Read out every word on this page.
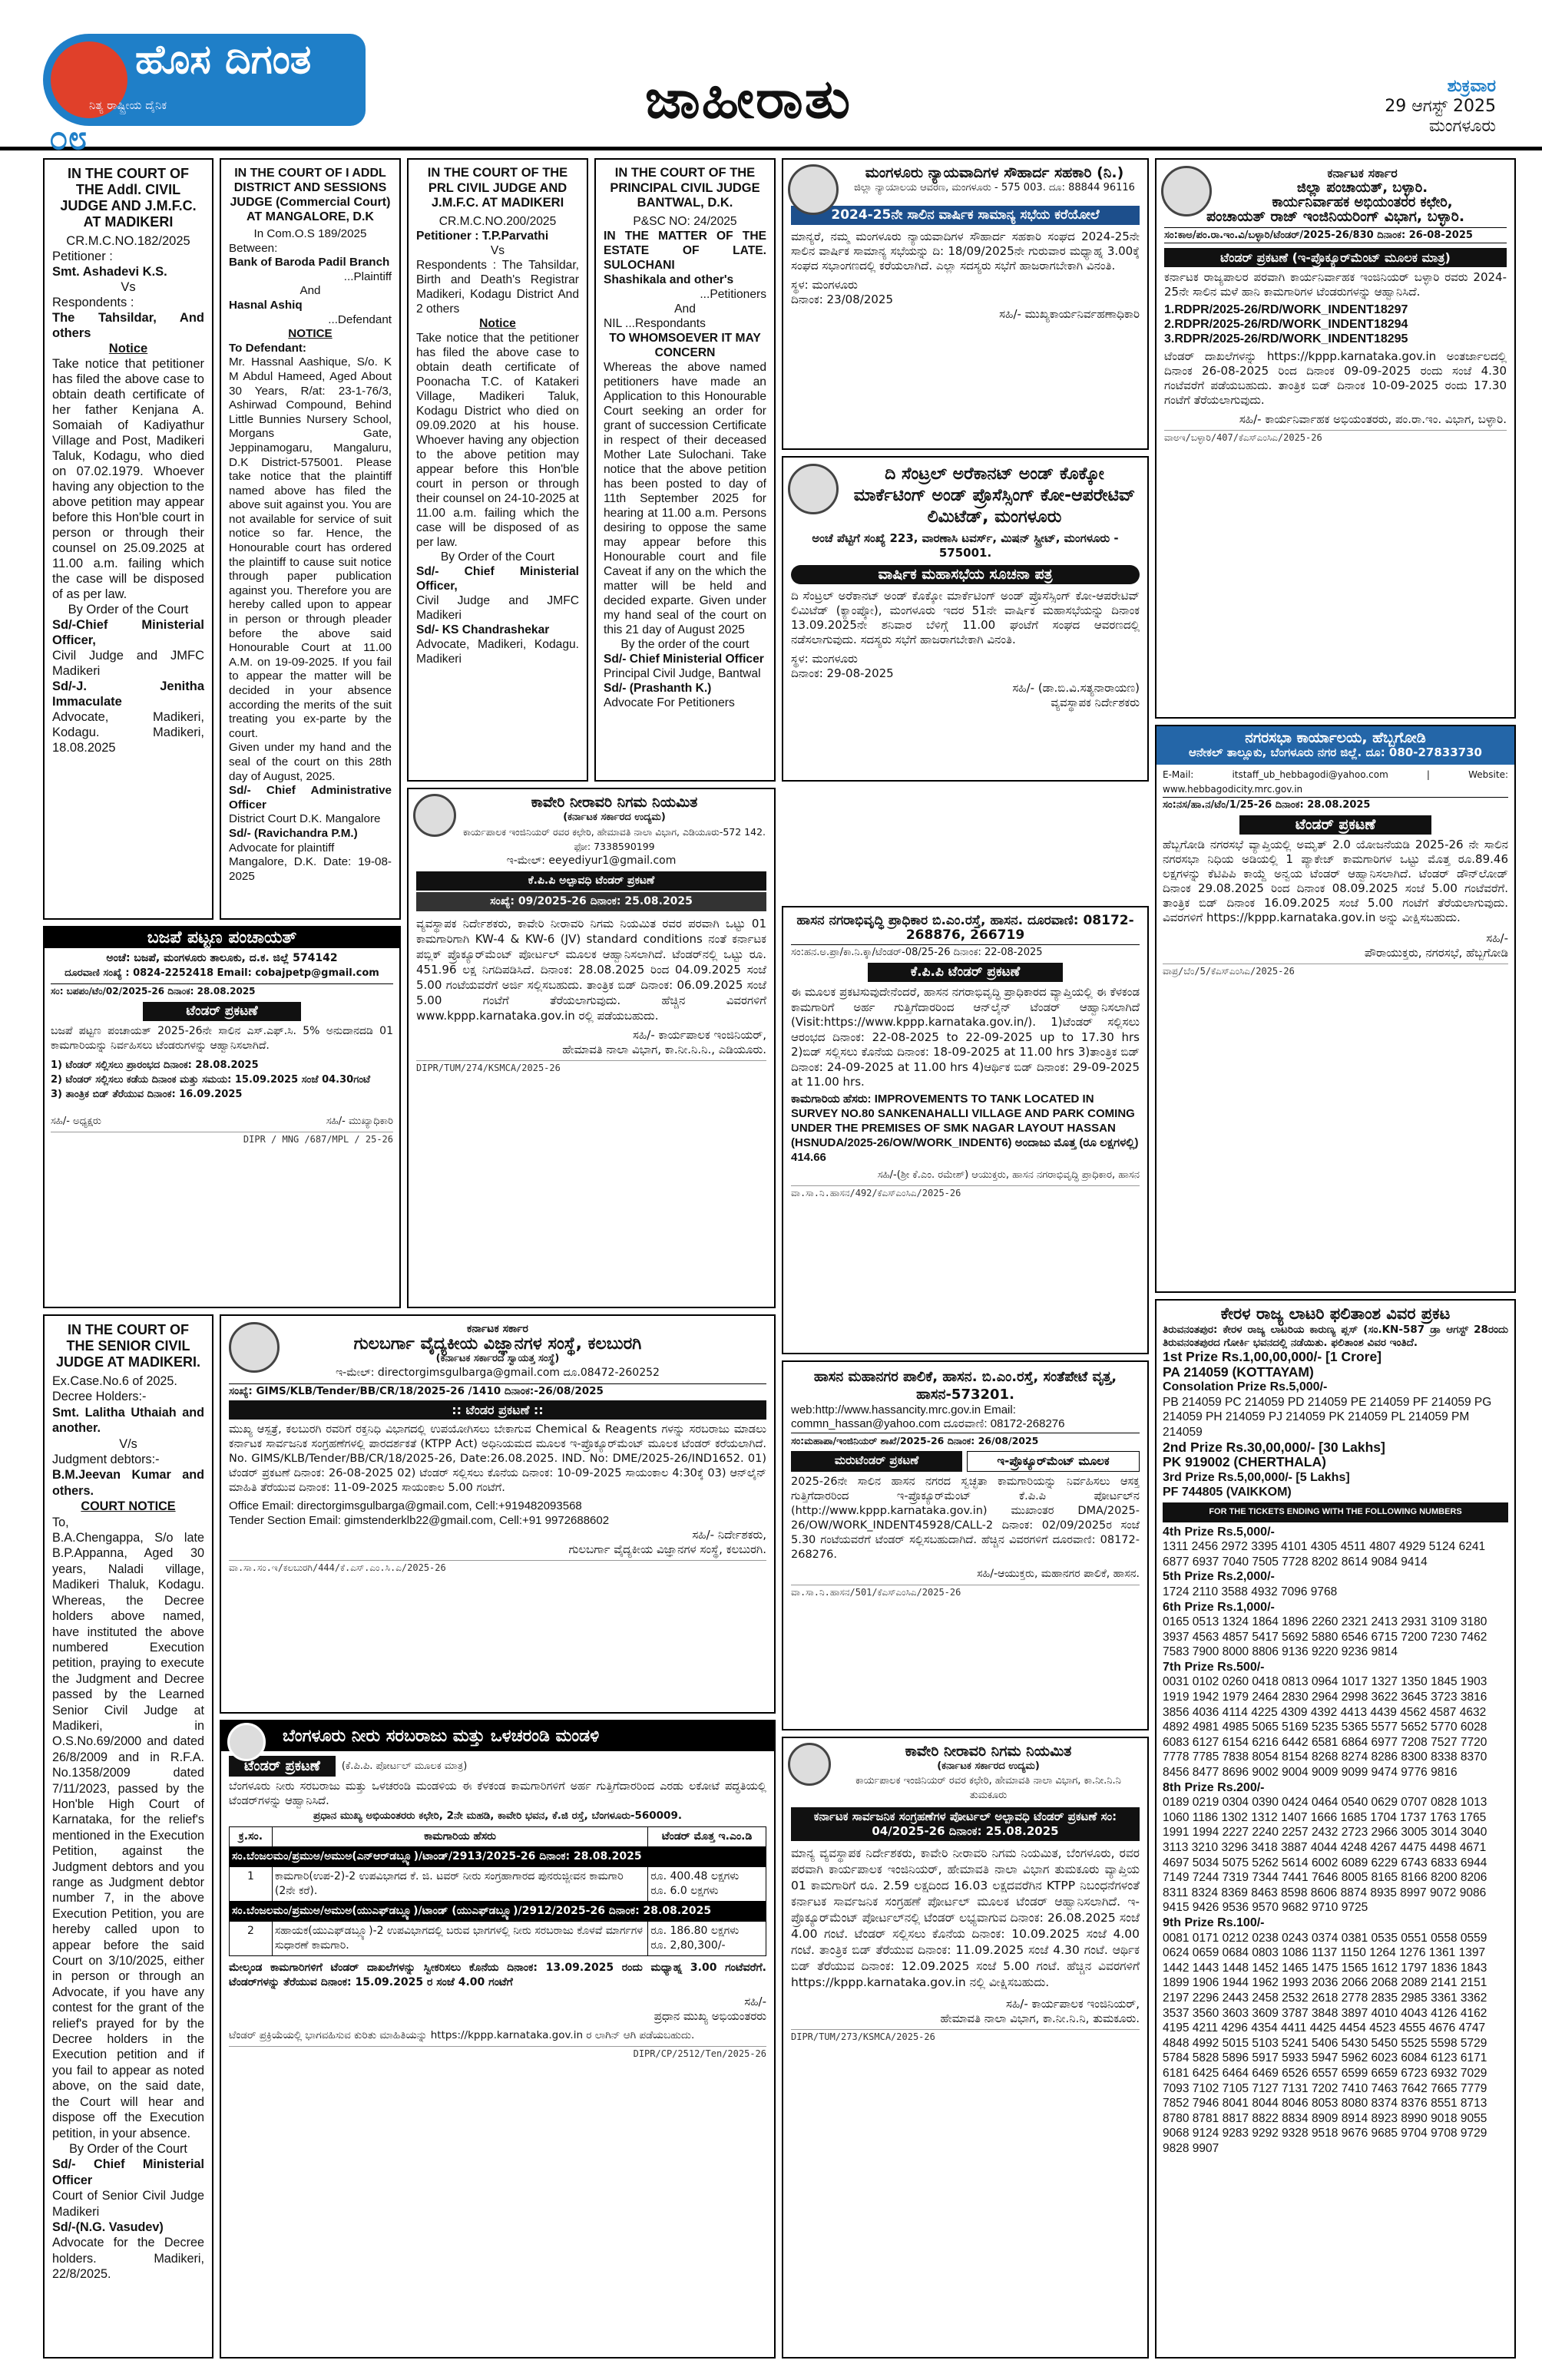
ಹೊಸ ದಿಗಂತ
ನಿತ್ಯ ರಾಷ್ಟ್ರೀಯ ದೈನಿಕ
೦೮
ಜಾಹೀರಾತು	ಶುಕ್ರವಾರ
29 ಆಗಸ್ಟ್ 2025
ಮಂಗಳೂರು
IN THE COURT OF THE Addl. CIVIL JUDGE AND J.M.F.C. AT MADIKERI
CR.M.C.NO.182/2025
Petitioner :
Smt. Ashadevi K.S.
Vs
Respondents :
The Tahsildar, And others
Notice
Take notice that petitioner has filed the above case to obtain death certificate of her father Kenjana A. Somaiah of Kadiyathur Village and Post, Madikeri Taluk, Kodagu, who died on 07.02.1979. Whoever having any objection to the above petition may appear before this Hon'ble court in person or through their counsel on 25.09.2025 at 11.00 a.m. failing which the case will be disposed of as per law.
By Order of the Court
Sd/-Chief Ministerial Officer,
Civil Judge and JMFC Madikeri
Sd/-J. Jenitha Immaculate
Advocate, Madikeri, Kodagu. Madikeri, 18.08.2025
IN THE COURT OF I ADDL DISTRICT AND SESSIONS JUDGE (Commercial Court) AT MANGALORE, D.K
In Com.O.S 189/2025
Between:
Bank of Baroda Padil Branch
...Plaintiff
And
Hasnal Ashiq
...Defendant
NOTICE
To Defendant:
Mr. Hassnal Aashique, S/o. K M Abdul Hameed, Aged About 30 Years, R/at: 23-1-76/3, Ashirwad Compound, Behind Little Bunnies Nursery School, Morgans Gate, Jeppinamogaru, Mangaluru, D.K District-575001. Please take notice that the plaintiff named above has filed the above suit against you. You are not available for service of suit notice so far. Hence, the Honourable court has ordered the plaintiff to cause suit notice through paper publication against you. Therefore you are hereby called upon to appear in person or through pleader before the above said Honourable Court at 11.00 A.M. on 19-09-2025. If you fail to appear the matter will be decided in your absence according the merits of the suit treating you ex-parte by the court.
Given under my hand and the seal of the court on this 28th day of August, 2025.
Sd/- Chief Administrative Officer
District Court D.K. Mangalore
Sd/- (Ravichandra P.M.)
Advocate for plaintiff
Mangalore, D.K. Date: 19-08-2025
IN THE COURT OF THE PRL CIVIL JUDGE AND J.M.F.C. AT MADIKERI
CR.M.C.NO.200/2025
Petitioner : T.P.Parvathi
Vs
Respondents : The Tahsildar, Birth and Death's Registrar Madikeri, Kodagu District And 2 others
Notice
Take notice that the petitioner has filed the above case to obtain death certificate of Poonacha T.C. of Katakeri Village, Madikeri Taluk, Kodagu District who died on 09.09.2020 at his house. Whoever having any objection to the above petition may appear before this Hon'ble court in person or through their counsel on 24-10-2025 at 11.00 a.m. failing which the case will be disposed of as per law.
By Order of the Court
Sd/- Chief Ministerial Officer,
Civil Judge and JMFC Madikeri
Sd/- KS Chandrashekar
Advocate, Madikeri, Kodagu. Madikeri
IN THE COURT OF THE PRINCIPAL CIVIL JUDGE BANTWAL, D.K.
P&SC NO: 24/2025
IN THE MATTER OF THE ESTATE OF LATE. SULOCHANI
Shashikala and other's
...Petitioners
And
NIL ...Respondants
TO WHOMSOEVER IT MAY CONCERN
Whereas the above named petitioners have made an Application to this Honourable Court seeking an order for grant of succession Certificate in respect of their deceased Mother Late Sulochani. Take notice that the above petition has been posted to day of 11th September 2025 for hearing at 11.00 a.m. Persons desiring to oppose the same may appear before this Honourable court and file Caveat if any on the which the matter will be held and decided exparte. Given under my hand seal of the court on this 21 day of August 2025
By the order of the court
Sd/- Chief Ministerial Officer
Principal Civil Judge, Bantwal
Sd/- (Prashanth K.)
Advocate For Petitioners
ಮಂಗಳೂರು ನ್ಯಾಯವಾದಿಗಳ ಸೌಹಾರ್ದ ಸಹಕಾರಿ (ನಿ.)
ಜಿಲ್ಲಾ ನ್ಯಾಯಾಲಯ ಆವರಣ, ಮಂಗಳೂರು - 575 003. ದೂ: 88844 96116
2024-25ನೇ ಸಾಲಿನ ವಾರ್ಷಿಕ ಸಾಮಾನ್ಯ ಸಭೆಯ ಕರೆಯೋಲೆ
ಮಾನ್ಯರೆ, ನಮ್ಮ ಮಂಗಳೂರು ನ್ಯಾಯವಾದಿಗಳ ಸೌಹಾರ್ದ ಸಹಕಾರಿ ಸಂಘದ 2024-25ನೇ ಸಾಲಿನ ವಾರ್ಷಿಕ ಸಾಮಾನ್ಯ ಸಭೆಯನ್ನು ದಿ: 18/09/2025ನೇ ಗುರುವಾರ ಮಧ್ಯಾಹ್ನ 3.00ಕ್ಕೆ ಸಂಘದ ಸಭಾಂಗಣದಲ್ಲಿ ಕರೆಯಲಾಗಿದೆ. ಎಲ್ಲಾ ಸದಸ್ಯರು ಸಭೆಗೆ ಹಾಜರಾಗಬೇಕಾಗಿ ವಿನಂತಿ.
ಸ್ಥಳ: ಮಂಗಳೂರು
ದಿನಾಂಕ: 23/08/2025
ಸಹಿ/- ಮುಖ್ಯಕಾರ್ಯನಿರ್ವಹಣಾಧಿಕಾರಿ
ದಿ ಸೆಂಟ್ರಲ್ ಅರೆಕಾನಟ್ ಅಂಡ್ ಕೊಕ್ಕೋ ಮಾರ್ಕೆಟಿಂಗ್ ಅಂಡ್ ಪ್ರೊಸೆಸ್ಸಿಂಗ್ ಕೋ-ಆಪರೇಟಿವ್ ಲಿಮಿಟೆಡ್, ಮಂಗಳೂರು
ಅಂಚೆ ಪೆಟ್ಟಿಗೆ ಸಂಖ್ಯೆ 223, ವಾರಣಾಸಿ ಟವರ್ಸ್, ಮಿಷನ್ ಸ್ಟ್ರೀಟ್, ಮಂಗಳೂರು - 575001.
ವಾರ್ಷಿಕ ಮಹಾಸಭೆಯ ಸೂಚನಾ ಪತ್ರ
ದಿ ಸೆಂಟ್ರಲ್ ಅರೆಕಾನಟ್ ಅಂಡ್ ಕೊಕ್ಕೋ ಮಾರ್ಕೆಟಿಂಗ್ ಅಂಡ್ ಪ್ರೊಸೆಸ್ಸಿಂಗ್ ಕೋ-ಆಪರೇಟಿವ್ ಲಿಮಿಟೆಡ್ (ಕ್ಯಾಂಪ್ಕೋ), ಮಂಗಳೂರು ಇದರ 51ನೇ ವಾರ್ಷಿಕ ಮಹಾಸಭೆಯನ್ನು ದಿನಾಂಕ 13.09.2025ನೇ ಶನಿವಾರ ಬೆಳಿಗ್ಗೆ 11.00 ಘಂಟೆಗೆ ಸಂಘದ ಆವರಣದಲ್ಲಿ ನಡೆಸಲಾಗುವುದು. ಸದಸ್ಯರು ಸಭೆಗೆ ಹಾಜರಾಗಬೇಕಾಗಿ ವಿನಂತಿ.
ಸ್ಥಳ: ಮಂಗಳೂರು
ದಿನಾಂಕ: 29-08-2025
ಸಹಿ/- (ಡಾ.ಬಿ.ವಿ.ಸತ್ಯನಾರಾಯಣ)
ವ್ಯವಸ್ಥಾಪಕ ನಿರ್ದೇಶಕರು
ಕರ್ನಾಟಕ ಸರ್ಕಾರ
ಜಿಲ್ಲಾ ಪಂಚಾಯತ್, ಬಳ್ಳಾರಿ.
ಕಾರ್ಯನಿರ್ವಾಹಕ ಅಭಿಯಂತರರ ಕಛೇರಿ,
ಪಂಚಾಯತ್ ರಾಜ್ ಇಂಜಿನಿಯರಿಂಗ್ ವಿಭಾಗ, ಬಳ್ಳಾರಿ.
ಸಂ:ಕಾಅ/ಪಂ.ರಾ.ಇಂ.ವಿ/ಬಳ್ಳಾರಿ/ಟೆಂಡರ್/2025-26/830 ದಿನಾಂಕ: 26-08-2025
ಟೆಂಡರ್ ಪ್ರಕಟಣೆ (ಇ-ಪ್ರೊಕ್ಯೂರ್‌ಮೆಂಟ್ ಮೂಲಕ ಮಾತ್ರ)
ಕರ್ನಾಟಕ ರಾಜ್ಯಪಾಲರ ಪರವಾಗಿ ಕಾರ್ಯನಿರ್ವಾಹಕ ಇಂಜಿನಿಯರ್ ಬಳ್ಳಾರಿ ರವರು 2024-25ನೇ ಸಾಲಿನ ಮಳೆ ಹಾನಿ ಕಾಮಗಾರಿಗಳ ಟೆಂಡರುಗಳನ್ನು ಆಹ್ವಾನಿಸಿದೆ.
1.RDPR/2025-26/RD/WORK_INDENT18297
2.RDPR/2025-26/RD/WORK_INDENT18294
3.RDPR/2025-26/RD/WORK_INDENT18295
ಟೆಂಡರ್ ದಾಖಲೆಗಳನ್ನು https://kppp.karnataka.gov.in ಅಂತರ್ಜಾಲದಲ್ಲಿ ದಿನಾಂಕ 26-08-2025 ರಿಂದ ದಿನಾಂಕ 09-09-2025 ರಂದು ಸಂಜೆ 4.30 ಗಂಟೆವರೆಗೆ ಪಡೆಯಬಹುದು. ತಾಂತ್ರಿಕ ಬಿಡ್ ದಿನಾಂಕ 10-09-2025 ರಂದು 17.30 ಗಂಟೆಗೆ ತೆರೆಯಲಾಗುವುದು.
ಸಹಿ/- ಕಾರ್ಯನಿರ್ವಾಹಕ ಅಭಿಯಂತರರು, ಪಂ.ರಾ.ಇಂ. ವಿಭಾಗ, ಬಳ್ಳಾರಿ.
ವಾಅಇ/ಬಳ್ಳಾರಿ/407/ಕೆಎಸ್‌ಎಂಸಿಎ/2025-26
ನಗರಸಭಾ ಕಾರ್ಯಾಲಯ, ಹೆಬ್ಬಗೋಡಿ
ಆನೇಕಲ್ ತಾಲ್ಲೂಕು, ಬೆಂಗಳೂರು ನಗರ ಜಿಲ್ಲೆ. ದೂ: 080-27833730
E-Mail: itstaff_ub_hebbagodi@yahoo.com | Website: www.hebbagodicity.mrc.gov.in
ಸಂ:ನಸ/ಹಾ.ನ/ಟೆಂ/1/25-26 ದಿನಾಂಕ: 28.08.2025
ಟೆಂಡರ್ ಪ್ರಕಟಣೆ
ಹೆಬ್ಬಗೋಡಿ ನಗರಸಭೆ ವ್ಯಾಪ್ತಿಯಲ್ಲಿ ಅಮೃತ್ 2.0 ಯೋಜನೆಯಡಿ 2025-26 ನೇ ಸಾಲಿನ ನಗರಸಭಾ ನಿಧಿಯ ಅಡಿಯಲ್ಲಿ 1 ಪ್ಯಾಕೇಜ್ ಕಾಮಗಾರಿಗಳ ಒಟ್ಟು ಮೊತ್ತ ರೂ.89.46 ಲಕ್ಷಗಳನ್ನು ಕೆಟಿಪಿಪಿ ಕಾಯ್ದೆ ಅನ್ವಯ ಟೆಂಡರ್ ಆಹ್ವಾನಿಸಲಾಗಿದೆ. ಟೆಂಡರ್ ಡೌನ್‌ಲೋಡ್ ದಿನಾಂಕ 29.08.2025 ರಿಂದ ದಿನಾಂಕ 08.09.2025 ಸಂಜೆ 5.00 ಗಂಟೆವರೆಗೆ. ತಾಂತ್ರಿಕ ಬಿಡ್ ದಿನಾಂಕ 16.09.2025 ಸಂಜೆ 5.00 ಗಂಟೆಗೆ ತೆರೆಯಲಾಗುವುದು. ವಿವರಗಳಿಗೆ https://kppp.karnataka.gov.in ಅನ್ನು ವೀಕ್ಷಿಸಬಹುದು.
ಸಹಿ/-
ಪೌರಾಯುಕ್ತರು, ನಗರಸಭೆ, ಹೆಬ್ಬಗೋಡಿ
ವಾಪ್ರ/ಬೆಂ/5/ಕೆಎಸ್‌ಎಂಸಿಎ/2025-26
ಬಜಪೆ ಪಟ್ಟಣ ಪಂಚಾಯತ್
ಅಂಚೆ: ಬಜಪೆ, ಮಂಗಳೂರು ತಾಲೂಕು, ದ.ಕ. ಜಿಲ್ಲೆ 574142
ದೂರವಾಣಿ ಸಂಖ್ಯೆ : 0824-2252418 Email: cobajpetp@gmail.com
ಸಂ: ಬಪಪಂ/ಟೆಂ/02/2025-26 ದಿನಾಂಕ: 28.08.2025
ಟೆಂಡರ್ ಪ್ರಕಟಣೆ
ಬಜಪೆ ಪಟ್ಟಣ ಪಂಚಾಯತ್ 2025-26ನೇ ಸಾಲಿನ ಎಸ್.ಎಫ್.ಸಿ. 5% ಅನುದಾನದಡಿ 01 ಕಾಮಗಾರಿಯನ್ನು ನಿರ್ವಹಿಸಲು ಟೆಂಡರುಗಳನ್ನು ಆಹ್ವಾನಿಸಲಾಗಿದೆ.
1) ಟೆಂಡರ್ ಸಲ್ಲಿಸಲು ಪ್ರಾರಂಭದ ದಿನಾಂಕ: 28.08.2025
2) ಟೆಂಡರ್ ಸಲ್ಲಿಸಲು ಕಡೆಯ ದಿನಾಂಕ ಮತ್ತು ಸಮಯ: 15.09.2025 ಸಂಜೆ 04.30ಗಂಟೆ
3) ತಾಂತ್ರಿಕ ಬಿಡ್ ತೆರೆಯುವ ದಿನಾಂಕ: 16.09.2025
ಸಹಿ/- ಅಧ್ಯಕ್ಷರು	ಸಹಿ/- ಮುಖ್ಯಾಧಿಕಾರಿ
DIPR / MNG /687/MPL / 25-26
ಕಾವೇರಿ ನೀರಾವರಿ ನಿಗಮ ನಿಯಮಿತ
(ಕರ್ನಾಟಕ ಸರ್ಕಾರದ ಉದ್ಯಮ)
ಕಾರ್ಯಪಾಲಕ ಇಂಜಿನಿಯರ್ ರವರ ಕಛೇರಿ, ಹೇಮಾವತಿ ನಾಲಾ ವಿಭಾಗ, ಎಡಿಯೂರು-572 142. ಫೋ: 7338590199
ಇ-ಮೇಲ್: eeyediyur1@gmail.com
ಕೆ.ಪಿ.ಪಿ ಅಲ್ಪಾವಧಿ ಟೆಂಡರ್ ಪ್ರಕಟಣೆ
ಸಂಖ್ಯೆ: 09/2025-26 ದಿನಾಂಕ: 25.08.2025
ವ್ಯವಸ್ಥಾಪಕ ನಿರ್ದೇಶಕರು, ಕಾವೇರಿ ನೀರಾವರಿ ನಿಗಮ ನಿಯಮಿತ ರವರ ಪರವಾಗಿ ಒಟ್ಟು 01 ಕಾಮಗಾರಿಗಾಗಿ KW-4 & KW-6 (JV) standard conditions ನಂತೆ ಕರ್ನಾಟಕ ಪಬ್ಲಿಕ್ ಪ್ರೊಕ್ಯೂರ್‌ಮೆಂಟ್ ಪೋರ್ಟಲ್ ಮೂಲಕ ಆಹ್ವಾನಿಸಲಾಗಿದೆ. ಟೆಂಡರ್‌ನಲ್ಲಿ ಒಟ್ಟು ರೂ. 451.96 ಲಕ್ಷ ನಿಗದಿಪಡಿಸಿದೆ. ದಿನಾಂಕ: 28.08.2025 ರಿಂದ 04.09.2025 ಸಂಜೆ 5.00 ಗಂಟೆಯವರೆಗೆ ಅರ್ಜಿ ಸಲ್ಲಿಸಬಹುದು. ತಾಂತ್ರಿಕ ಬಿಡ್ ದಿನಾಂಕ: 06.09.2025 ಸಂಜೆ 5.00 ಗಂಟೆಗೆ ತೆರೆಯಲಾಗುವುದು. ಹೆಚ್ಚಿನ ವಿವರಗಳಿಗೆ www.kppp.karnataka.gov.in ರಲ್ಲಿ ಪಡೆಯಬಹುದು.
ಸಹಿ/- ಕಾರ್ಯಪಾಲಕ ಇಂಜಿನಿಯರ್,
ಹೇಮಾವತಿ ನಾಲಾ ವಿಭಾಗ, ಕಾ.ನೀ.ನಿ.ನಿ., ಎಡಿಯೂರು.
DIPR/TUM/274/KSMCA/2025-26
ಹಾಸನ ನಗರಾಭಿವೃದ್ಧಿ ಪ್ರಾಧಿಕಾರ ಬಿ.ಎಂ.ರಸ್ತೆ, ಹಾಸನ. ದೂರವಾಣಿ: 08172-268876, 266719
ಸಂ:ಹನ.ಅ.ಪ್ರಾ/ಕಾ.ನಿ.ಕ್ಕಾ/ಟೆಂಡರ್-08/25-26 ದಿನಾಂಕ: 22-08-2025
ಕೆ.ಪಿ.ಪಿ ಟೆಂಡರ್ ಪ್ರಕಟಣೆ
ಈ ಮೂಲಕ ಪ್ರಕಟಿಸುವುದೇನೆಂದರೆ, ಹಾಸನ ನಗರಾಭಿವೃದ್ಧಿ ಪ್ರಾಧಿಕಾರದ ವ್ಯಾಪ್ತಿಯಲ್ಲಿ ಈ ಕೆಳಕಂಡ ಕಾಮಗಾರಿಗೆ ಅರ್ಹ ಗುತ್ತಿಗೆದಾರರಿಂದ ಆನ್‌ಲೈನ್ ಟೆಂಡರ್ ಆಹ್ವಾನಿಸಲಾಗಿದೆ (Visit:https://www.kppp.karnataka.gov.in/). 1)ಟೆಂಡರ್ ಸಲ್ಲಿಸಲು ಆರಂಭದ ದಿನಾಂಕ: 22-08-2025 to 22-09-2025 up to 17.30 hrs 2)ಬಿಡ್ ಸಲ್ಲಿಸಲು ಕೊನೆಯ ದಿನಾಂಕ: 18-09-2025 at 11.00 hrs 3)ತಾಂತ್ರಿಕ ಬಿಡ್ ದಿನಾಂಕ: 24-09-2025 at 11.00 hrs 4)ಆರ್ಥಿಕ ಬಿಡ್ ದಿನಾಂಕ: 29-09-2025 at 11.00 hrs.
ಕಾಮಗಾರಿಯ ಹೆಸರು: IMPROVEMENTS TO TANK LOCATED IN SURVEY NO.80 SANKENAHALLI VILLAGE AND PARK COMING UNDER THE PREMISES OF SMK NAGAR LAYOUT HASSAN (HSNUDA/2025-26/OW/WORK_INDENT6) ಅಂದಾಜು ಮೊತ್ತ (ರೂ ಲಕ್ಷಗಳಲ್ಲಿ) 414.66
ಸಹಿ/-(ಶ್ರೀ ಕೆ.ಎಂ. ರಮೇಶ್) ಆಯುಕ್ತರು, ಹಾಸನ ನಗರಾಭಿವೃದ್ಧಿ ಪ್ರಾಧಿಕಾರ, ಹಾಸನ
ವಾ.ಸಾ.ನಿ.ಹಾಸನ/492/ಕೆಎಸ್‌ಎಂಸಿಎ/2025-26
ಹಾಸನ ಮಹಾನಗರ ಪಾಲಿಕೆ, ಹಾಸನ. ಬಿ.ಎಂ.ರಸ್ತೆ, ಸಂತೆಪೇಟೆ ವೃತ್ತ, ಹಾಸನ-573201.
web:http://www.hassancity.mrc.gov.in Email: commn_hassan@yahoo.com ದೂರವಾಣಿ: 08172-268276
ಸಂ:ಮಹಾಪಾ/ಇಂಜಿನಿಯರ್ ಶಾಖೆ/2025-26 ದಿನಾಂಕ: 26/08/2025
ಮರುಟೆಂಡರ್ ಪ್ರಕಟಣೆ	ಇ-ಪ್ರೊಕ್ಯೂರ್‌ಮೆಂಟ್ ಮೂಲಕ
2025-26ನೇ ಸಾಲಿನ ಹಾಸನ ನಗರದ ಸ್ವಚ್ಛತಾ ಕಾಮಗಾರಿಯನ್ನು ನಿರ್ವಹಿಸಲು ಆಸಕ್ತ ಗುತ್ತಿಗೆದಾರರಿಂದ ಇ-ಪ್ರೊಕ್ಯೂರ್‌ಮೆಂಟ್ ಕೆ.ಪಿ.ಪಿ ಪೋರ್ಟಲ್‌ನ (http://www.kppp.karnataka.gov.in) ಮುಖಾಂತರ DMA/2025-26/OW/WORK_INDENT45928/CALL-2 ದಿನಾಂಕ: 02/09/2025ರ ಸಂಜೆ 5.30 ಗಂಟೆಯವರೆಗೆ ಟೆಂಡರ್ ಸಲ್ಲಿಸಬಹುದಾಗಿದೆ. ಹೆಚ್ಚಿನ ವಿವರಗಳಿಗೆ ದೂರವಾಣಿ: 08172-268276.
ಸಹಿ/-ಆಯುಕ್ತರು, ಮಹಾನಗರ ಪಾಲಿಕೆ, ಹಾಸನ.
ವಾ.ಸಾ.ನಿ.ಹಾಸನ/501/ಕೆಎಸ್‌ಎಂಸಿಎ/2025-26
ಕೇರಳ ರಾಜ್ಯ ಲಾಟರಿ ಫಲಿತಾಂಶ ವಿವರ ಪ್ರಕಟ
ತಿರುವನಂತಪುರ: ಕೇರಳ ರಾಜ್ಯ ಲಾಟರಿಯ ಕಾರುಣ್ಯ ಪ್ಲಸ್ (ಸಂ.KN-587 ಡ್ರಾ ಆಗಸ್ಟ್ 28ರಂದು ತಿರುವನಂತಪುರದ ಗೋರ್ಕಿ ಭವನದಲ್ಲಿ ನಡೆಯಿತು. ಫಲಿತಾಂಶ ವಿವರ ಇಂತಿದೆ.
1st Prize Rs.1,00,00,000/- [1 Crore]
PA 214059 (KOTTAYAM)
Consolation Prize Rs.5,000/-
PB 214059 PC 214059 PD 214059 PE 214059 PF 214059 PG 214059 PH 214059 PJ 214059 PK 214059 PL 214059 PM 214059
2nd Prize Rs.30,00,000/- [30 Lakhs]
PK 919002 (CHERTHALA)
3rd Prize Rs.5,00,000/- [5 Lakhs]
PF 744805 (VAIKKOM)
FOR THE TICKETS ENDING WITH THE FOLLOWING NUMBERS
4th Prize Rs.5,000/-
1311 2456 2972 3395 4101 4305 4511 4807 4929 5124 6241 6877 6937 7040 7505 7728 8202 8614 9084 9414
5th Prize Rs.2,000/-
1724 2110 3588 4932 7096 9768
6th Prize Rs.1,000/-
0165 0513 1324 1864 1896 2260 2321 2413 2931 3109 3180 3937 4563 4857 5417 5692 5880 6546 6715 7200 7230 7462 7583 7900 8000 8806 9136 9220 9236 9814
7th Prize Rs.500/-
0031 0102 0260 0418 0813 0964 1017 1327 1350 1845 1903 1919 1942 1979 2464 2830 2964 2998 3622 3645 3723 3816 3856 4036 4114 4225 4309 4392 4413 4439 4562 4587 4632 4892 4981 4985 5065 5169 5235 5365 5577 5652 5770 6028 6083 6127 6154 6216 6442 6581 6864 6977 7208 7527 7720 7778 7785 7838 8054 8154 8268 8274 8286 8300 8338 8370 8456 8477 8696 9002 9004 9009 9099 9474 9776 9816
8th Prize Rs.200/-
0189 0219 0304 0390 0424 0464 0540 0629 0707 0828 1013 1060 1186 1302 1312 1407 1666 1685 1704 1737 1763 1765 1991 1994 2227 2240 2257 2432 2723 2966 3005 3014 3040 3113 3210 3296 3418 3887 4044 4248 4267 4475 4498 4671 4697 5034 5075 5262 5614 6002 6089 6229 6743 6833 6944 7149 7244 7319 7344 7441 7646 8005 8165 8166 8200 8206 8311 8324 8369 8463 8598 8606 8874 8935 8997 9072 9086 9415 9426 9536 9570 9682 9710 9725
9th Prize Rs.100/-
0081 0171 0212 0238 0243 0374 0381 0535 0551 0558 0559 0624 0659 0684 0803 1086 1137 1150 1264 1276 1361 1397 1442 1443 1448 1452 1465 1475 1565 1612 1797 1836 1843 1899 1906 1944 1962 1993 2036 2066 2068 2089 2141 2151 2197 2296 2443 2458 2532 2618 2778 2835 2985 3361 3362 3537 3560 3603 3609 3787 3848 3897 4010 4043 4126 4162 4195 4211 4296 4354 4411 4425 4454 4523 4555 4676 4747 4848 4992 5015 5103 5241 5406 5430 5450 5525 5598 5729 5784 5828 5896 5917 5933 5947 5962 6023 6084 6123 6171 6181 6425 6464 6469 6526 6557 6599 6659 6723 6932 7029 7093 7102 7105 7127 7131 7202 7410 7463 7642 7665 7779 7852 7946 8041 8044 8046 8053 8080 8374 8376 8551 8713 8780 8781 8817 8822 8834 8909 8914 8923 8990 9018 9055 9068 9124 9283 9292 9328 9518 9676 9685 9704 9708 9729 9828 9907
IN THE COURT OF THE SENIOR CIVIL JUDGE AT MADIKERI.
Ex.Case.No.6 of 2025.
Decree Holders:-
Smt. Lalitha Uthaiah and another.
V/s
Judgment debtors:-
B.M.Jeevan Kumar and others.
COURT NOTICE
To,
B.A.Chengappa, S/o late B.P.Appanna, Aged 30 years, Naladi village, Madikeri Thaluk, Kodagu. Whereas, the Decree holders above named, have instituted the above numbered Execution petition, praying to execute the Judgment and Decree passed by the Learned Senior Civil Judge at Madikeri, in O.S.No.69/2000 and dated 26/8/2009 and in R.F.A. No.1358/2009 dated 7/11/2023, passed by the Hon'ble High Court of Karnataka, for the relief's mentioned in the Execution Petition, against the Judgment debtors and you range as Judgment debtor number 7, in the above Execution Petition, you are hereby called upon to appear before the said Court on 3/10/2025, either in person or through an Advocate, if you have any contest for the grant of the relief's prayed for by the Decree holders in the Execution petition and if you fail to appear as noted above, on the said date, the Court will hear and dispose off the Execution petition, in your absence.
By Order of the Court
Sd/- Chief Ministerial Officer
Court of Senior Civil Judge Madikeri
Sd/-(N.G. Vasudev)
Advocate for the Decree holders. Madikeri, 22/8/2025.
ಕರ್ನಾಟಕ ಸರ್ಕಾರ
ಗುಲಬರ್ಗಾ ವೈದ್ಯಕೀಯ ವಿಜ್ಞಾನಗಳ ಸಂಸ್ಥೆ, ಕಲಬುರಗಿ
(ಕರ್ನಾಟಕ ಸರ್ಕಾರದ ಸ್ವಾಯತ್ತ ಸಂಸ್ಥೆ)
ಇ-ಮೇಲ್: directorgimsgulbarga@gmail.com ದೂ.08472-260252
ಸಂಖ್ಯೆ: GIMS/KLB/Tender/BB/CR/18/2025-26 /1410 ದಿನಾಂಕ:-26/08/2025
:: ಟೆಂಡರ ಪ್ರಕಟಣೆ ::
ಮುಖ್ಯ ಆಸ್ಪತ್ರೆ, ಕಲಬುರಗಿ ರವರಿಗೆ ರಕ್ತನಿಧಿ ವಿಭಾಗದಲ್ಲಿ ಉಪಯೋಗಿಸಲು ಬೇಕಾಗುವ Chemical & Reagents ಗಳನ್ನು ಸರಬರಾಜು ಮಾಡಲು ಕರ್ನಾಟಕ ಸಾರ್ವಜನಿಕ ಸಂಗ್ರಹಣೆಗಳಲ್ಲಿ ಪಾರದರ್ಶಕತೆ (KTPP Act) ಅಧಿನಿಯಮದ ಮೂಲಕ ಇ-ಪ್ರೊಕ್ಯೂರ್‌ಮೆಂಟ್ ಮೂಲಕ ಟೆಂಡರ್ ಕರೆಯಲಾಗಿದೆ. No. GIMS/KLB/Tender/BB/CR/18/2025-26, Date:26.08.2025. IND. No: DME/2025-26/IND1652. 01) ಟೆಂಡರ್ ಪ್ರಕಟಣೆ ದಿನಾಂಕ: 26-08-2025 02) ಟೆಂಡರ್ ಸಲ್ಲಿಸಲು ಕೊನೆಯ ದಿನಾಂಕ: 10-09-2025 ಸಾಯಂಕಾಲ 4:30ಕ್ಕೆ 03) ಆನ್‌ಲೈನ್ ಮಾಹಿತಿ ತೆರೆಯುವ ದಿನಾಂಕ: 11-09-2025 ಸಾಯಂಕಾಲ 5.00 ಗಂಟೆಗೆ.
Office Email: directorgimsgulbarga@gmail.com, Cell:+919482093568
Tender Section Email: gimstenderklb22@gmail.com, Cell:+91 9972688602
ಸಹಿ/- ನಿರ್ದೇಶಕರು,
ಗುಲಬರ್ಗಾ ವೈದ್ಯಕೀಯ ವಿಜ್ಞಾನಗಳ ಸಂಸ್ಥೆ, ಕಲಬುರಗಿ.
ವಾ.ಸಾ.ಸಂ.ಇ/ಕಲಬುರಗಿ/444/ಕೆ.ಎಸ್.ಎಂ.ಸಿ.ಎ/2025-26
ಬೆಂಗಳೂರು ನೀರು ಸರಬರಾಜು ಮತ್ತು ಒಳಚರಂಡಿ ಮಂಡಳಿ
ಟೆಂಡರ್ ಪ್ರಕಟಣೆ	(ಕೆ.ಪಿ.ಪಿ. ಪೋರ್ಟಲ್ ಮೂಲಕ ಮಾತ್ರ)
ಬೆಂಗಳೂರು ನೀರು ಸರಬರಾಜು ಮತ್ತು ಒಳಚರಂಡಿ ಮಂಡಳಿಯ ಈ ಕೆಳಕಂಡ ಕಾಮಗಾರಿಗಳಿಗೆ ಅರ್ಹ ಗುತ್ತಿಗೆದಾರರಿಂದ ಎರಡು ಲಕೋಟೆ ಪದ್ಧತಿಯಲ್ಲಿ ಟೆಂಡರ್‌ಗಳನ್ನು ಆಹ್ವಾನಿಸಿದೆ.
ಪ್ರಧಾನ ಮುಖ್ಯ ಅಭಿಯಂತರರು ಕಛೇರಿ, 2ನೇ ಮಹಡಿ, ಕಾವೇರಿ ಭವನ, ಕೆ.ಜಿ ರಸ್ತೆ, ಬೆಂಗಳೂರು-560009.
ಕ್ರ.ಸಂ.	ಕಾಮಗಾರಿಯ ಹೆಸರು	ಟೆಂಡರ್ ಮೊತ್ತ ಇ.ಎಂ.ಡಿ
ಸಂ.ಬೆಂಜಲಮಂ/ಪ್ರಮುಅ/ಅಮುಅ(ಎನ್‌ಆರ್‌ಡಬ್ಲ್ಯೂ)/ಟಾಂಡ್/2913/2025-26 ದಿನಾಂಕ: 28.08.2025		
1	ಕಾಮಗಾರಿ(ಉಪ-2)-2 ಉಪವಿಭಾಗದ ಕೆ. ಜಿ. ಟವರ್ ನೀರು ಸಂಗ್ರಹಾಗಾರದ ಪುನರುಜ್ಜೀವನ ಕಾಮಗಾರಿ (2ನೇ ಕರೆ).	ರೂ. 400.48 ಲಕ್ಷಗಳು
ರೂ. 6.0 ಲಕ್ಷಗಳು

ಸಂ.ಬೆಂಜಲಮಂ/ಪ್ರಮುಅ/ಅಮುಅ(ಯುಎಫ್‌ಡಬ್ಲ್ಯೂ)/ಟಾಂಡ್ (ಯುಎಫ್‌ಡಬ್ಲ್ಯೂ)/2912/2025-26 ದಿನಾಂಕ: 28.08.2025		
2	ಸಹಾಯಕ(ಯುಎಫ್‌ಡಬ್ಲ್ಯೂ)-2 ಉಪವಿಭಾಗದಲ್ಲಿ ಬರುವ ಭಾಗಗಳಲ್ಲಿ ನೀರು ಸರಬರಾಜು ಕೊಳವೆ ಮಾರ್ಗಗಳ ಸುಧಾರಣೆ ಕಾಮಗಾರಿ.	ರೂ. 186.80 ಲಕ್ಷಗಳು
ರೂ. 2,80,300/-
ಮೇಲ್ಕಂಡ ಕಾಮಗಾರಿಗಳಿಗೆ ಟೆಂಡರ್ ದಾಖಲೆಗಳನ್ನು ಸ್ವೀಕರಿಸಲು ಕೊನೆಯ ದಿನಾಂಕ: 13.09.2025 ರಂದು ಮಧ್ಯಾಹ್ನ 3.00 ಗಂಟೆವರೆಗೆ. ಟೆಂಡರ್‌ಗಳನ್ನು ತೆರೆಯುವ ದಿನಾಂಕ: 15.09.2025 ರ ಸಂಜೆ 4.00 ಗಂಟೆಗೆ
ಸಹಿ/-
ಪ್ರಧಾನ ಮುಖ್ಯ ಅಭಿಯಂತರರು
ಟೆಂಡರ್ ಪ್ರಕ್ರಿಯೆಯಲ್ಲಿ ಭಾಗವಹಿಸುವ ಕುರಿತು ಮಾಹಿತಿಯನ್ನು https://kppp.karnataka.gov.in ರ ಲಾಗಿನ್ ಆಗಿ ಪಡೆಯಬಹುದು.
DIPR/CP/2512/Ten/2025-26
ಕಾವೇರಿ ನೀರಾವರಿ ನಿಗಮ ನಿಯಮಿತ
(ಕರ್ನಾಟಕ ಸರ್ಕಾರದ ಉದ್ಯಮ)
ಕಾರ್ಯಪಾಲಕ ಇಂಜಿನಿಯರ್ ರವರ ಕಛೇರಿ, ಹೇಮಾವತಿ ನಾಲಾ ವಿಭಾಗ, ಕಾ.ನೀ.ನಿ.ನಿ ತುಮಕೂರು
ಕರ್ನಾಟಕ ಸಾರ್ವಜನಿಕ ಸಂಗ್ರಹಣೆಗಳ ಪೋರ್ಟಲ್ ಅಲ್ಪಾವಧಿ ಟೆಂಡರ್ ಪ್ರಕಟಣೆ ಸಂ: 04/2025-26 ದಿನಾಂಕ: 25.08.2025
ಮಾನ್ಯ ವ್ಯವಸ್ಥಾಪಕ ನಿರ್ದೇಶಕರು, ಕಾವೇರಿ ನೀರಾವರಿ ನಿಗಮ ನಿಯಮಿತ, ಬೆಂಗಳೂರು, ರವರ ಪರವಾಗಿ ಕಾರ್ಯಪಾಲಕ ಇಂಜಿನಿಯರ್, ಹೇಮಾವತಿ ನಾಲಾ ವಿಭಾಗ ತುಮಕೂರು ವ್ಯಾಪ್ತಿಯ 01 ಕಾಮಗಾರಿಗೆ ರೂ. 2.59 ಲಕ್ಷದಿಂದ 16.03 ಲಕ್ಷದವರೆಗಿನ KTPP ನಿಬಂಧನೆಗಳಂತೆ ಕರ್ನಾಟಕ ಸಾರ್ವಜನಿಕ ಸಂಗ್ರಹಣೆ ಪೋರ್ಟಲ್ ಮೂಲಕ ಟೆಂಡರ್ ಆಹ್ವಾನಿಸಲಾಗಿದೆ. ಇ-ಪ್ರೊಕ್ಯೂರ್‌ಮೆಂಟ್ ಪೋರ್ಟಲ್‌ನಲ್ಲಿ ಟೆಂಡರ್ ಲಭ್ಯವಾಗುವ ದಿನಾಂಕ: 26.08.2025 ಸಂಜೆ 4.00 ಗಂಟೆ. ಟೆಂಡರ್ ಸಲ್ಲಿಸಲು ಕೊನೆಯ ದಿನಾಂಕ: 10.09.2025 ಸಂಜೆ 4.00 ಗಂಟೆ. ತಾಂತ್ರಿಕ ಬಿಡ್ ತೆರೆಯುವ ದಿನಾಂಕ: 11.09.2025 ಸಂಜೆ 4.30 ಗಂಟೆ. ಆರ್ಥಿಕ ಬಿಡ್ ತೆರೆಯುವ ದಿನಾಂಕ: 12.09.2025 ಸಂಜೆ 5.00 ಗಂಟೆ. ಹೆಚ್ಚಿನ ವಿವರಗಳಿಗೆ https://kppp.karnataka.gov.in ನಲ್ಲಿ ವೀಕ್ಷಿಸಬಹುದು.
ಸಹಿ/- ಕಾರ್ಯಪಾಲಕ ಇಂಜಿನಿಯರ್,
ಹೇಮಾವತಿ ನಾಲಾ ವಿಭಾಗ, ಕಾ.ನೀ.ನಿ.ನಿ, ತುಮಕೂರು.
DIPR/TUM/273/KSMCA/2025-26
